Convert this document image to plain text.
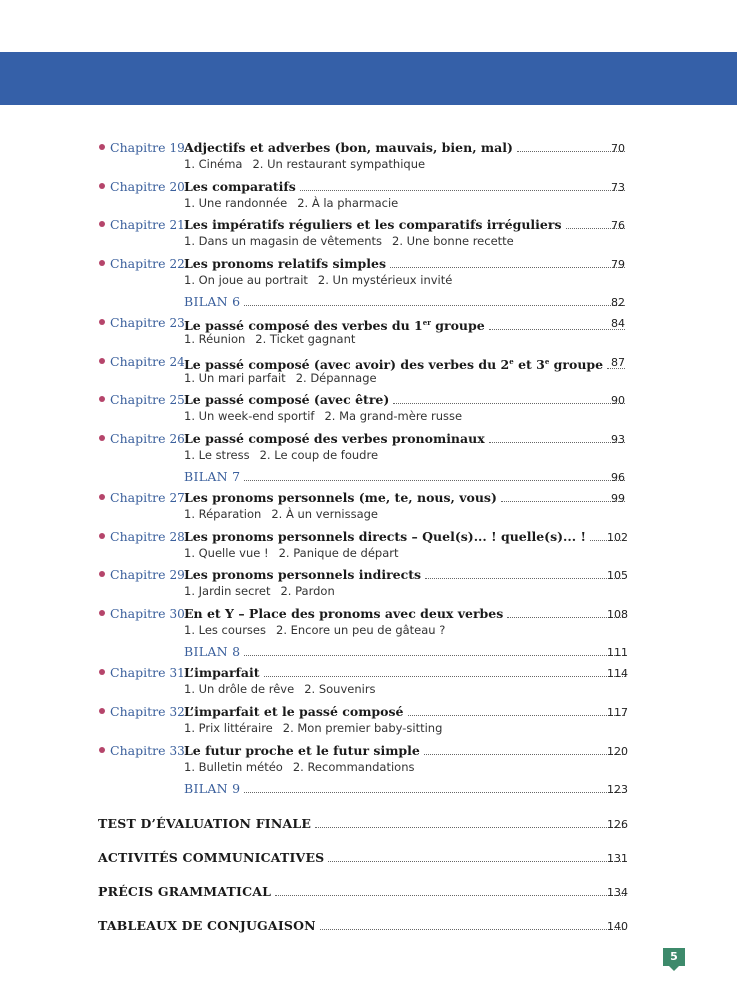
Chapitre 19 Adjectifs et adverbes (bon, mauvais, bien, mal)	70
1. Cinéma 2. Un restaurant sympathique
Chapitre 20 Les comparatifs	73
1. Une randonnée 2. À la pharmacie
Chapitre 21 Les impératifs réguliers et les comparatifs irréguliers	76
1. Dans un magasin de vêtements 2. Une bonne recette
Chapitre 22 Les pronoms relatifs simples	79
1. On joue au portrait 2. Un mystérieux invité
BILAN 6	82
Chapitre 23 Le passé composé des verbes du 1er groupe	84
1. Réunion 2. Ticket gagnant
Chapitre 24 Le passé composé (avec avoir) des verbes du 2e et 3e groupe 87
1. Un mari parfait 2. Dépannage
Chapitre 25 Le passé composé (avec être)	90
1. Un week-end sportif 2. Ma grand-mère russe
Chapitre 26 Le passé composé des verbes pronominaux	93
1. Le stress 2. Le coup de foudre
BILAN 7	96
Chapitre 27 Les pronoms personnels (me, te, nous, vous)	99
1. Réparation 2. À un vernissage
Chapitre 28 Les pronoms personnels directs – Quel(s)... ! quelle(s)... !	102
1. Quelle vue ! 2. Panique de départ
Chapitre 29 Les pronoms personnels indirects	105
1. Jardin secret 2. Pardon
Chapitre 30 En et Y – Place des pronoms avec deux verbes	108
1. Les courses 2. Encore un peu de gâteau ?
BILAN 8	111
Chapitre 31 L’imparfait	114
1. Un drôle de rêve 2. Souvenirs
Chapitre 32 L’imparfait et le passé composé	117
1. Prix littéraire 2. Mon premier baby-sitting
Chapitre 33 Le futur proche et le futur simple	120
1. Bulletin météo 2. Recommandations
BILAN 9	123
TEST D’ÉVALUATION FINALE	126
ACTIVITÉS COMMUNICATIVES	131
PRÉCIS GRAMMATICAL	134
TABLEAUX DE CONJUGAISON	140
5
